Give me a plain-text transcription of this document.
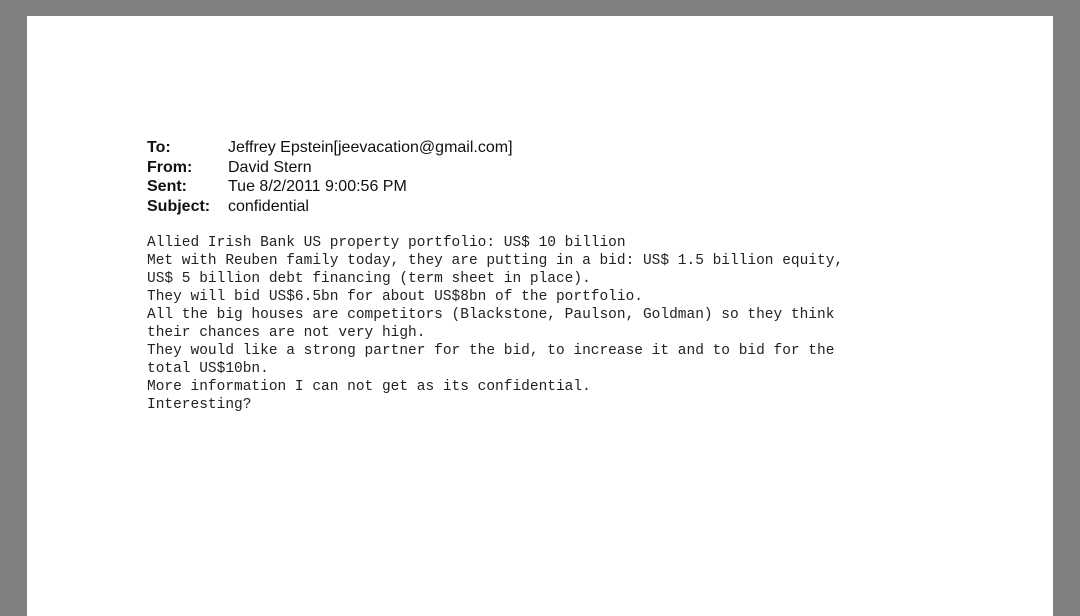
To:	Jeffrey Epstein[jeevacation@gmail.com]
From:	David Stern
Sent:	Tue 8/2/2011 9:00:56 PM
Subject:	confidential
Allied Irish Bank US property portfolio: US$ 10 billion
Met with Reuben family today, they are putting in a bid: US$ 1.5 billion equity,
US$ 5 billion debt financing (term sheet in place).
They will bid US$6.5bn for about US$8bn of the portfolio.
All the big houses are competitors (Blackstone, Paulson, Goldman) so they think
their chances are not very high.
They would like a strong partner for the bid, to increase it and to bid for the
total US$10bn.
More information I can not get as its confidential.
Interesting?
